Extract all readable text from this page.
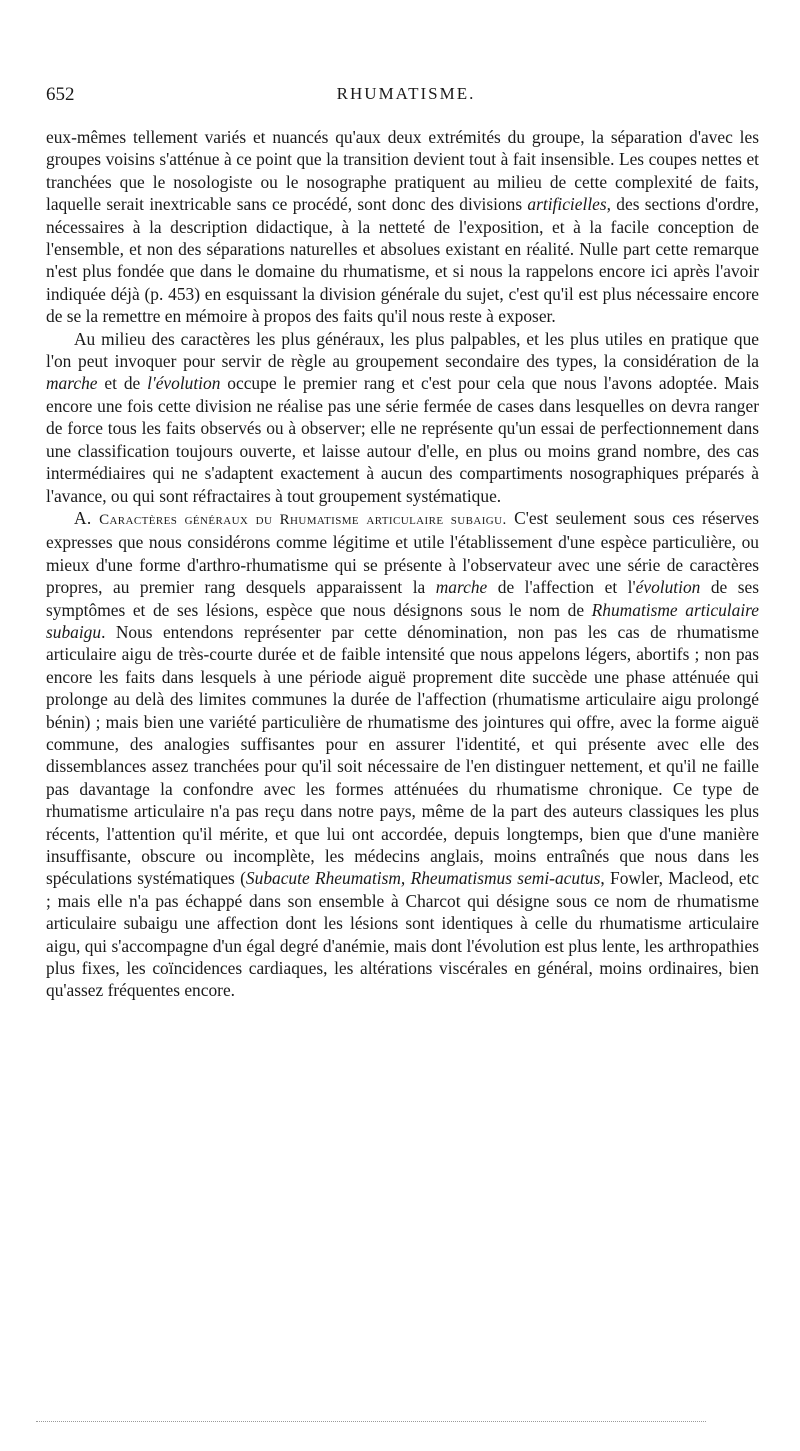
652	RHUMATISME.

eux-mêmes tellement variés et nuancés qu'aux deux extrémités du groupe, la séparation d'avec les groupes voisins s'atténue à ce point que la transition devient tout à fait insensible. Les coupes nettes et tranchées que le nosologiste ou le nosographe pratiquent au milieu de cette complexité de faits, laquelle serait inextricable sans ce procédé, sont donc des divisions artificielles, des sections d'ordre, nécessaires à la description didactique, à la netteté de l'exposition, et à la facile conception de l'ensemble, et non des séparations naturelles et absolues existant en réalité. Nulle part cette remarque n'est plus fondée que dans le domaine du rhumatisme, et si nous la rappelons encore ici après l'avoir indiquée déjà (p. 453) en esquissant la division générale du sujet, c'est qu'il est plus nécessaire encore de se la remettre en mémoire à propos des faits qu'il nous reste à exposer.

Au milieu des caractères les plus généraux, les plus palpables, et les plus utiles en pratique que l'on peut invoquer pour servir de règle au groupement secondaire des types, la considération de la marche et de l'évolution occupe le premier rang et c'est pour cela que nous l'avons adoptée. Mais encore une fois cette division ne réalise pas une série fermée de cases dans lesquelles on devra ranger de force tous les faits observés ou à observer; elle ne représente qu'un essai de perfectionnement dans une classification toujours ouverte, et laisse autour d'elle, en plus ou moins grand nombre, des cas intermédiaires qui ne s'adaptent exactement à aucun des compartiments nosographiques préparés à l'avance, ou qui sont réfractaires à tout groupement systématique.

A. Caractères généraux du Rhumatisme articulaire subaigu. C'est seulement sous ces réserves expresses que nous considérons comme légitime et utile l'établissement d'une espèce particulière, ou mieux d'une forme d'arthro-rhumatisme qui se présente à l'observateur avec une série de caractères propres, au premier rang desquels apparaissent la marche de l'affection et l'évolution de ses symptômes et de ses lésions, espèce que nous désignons sous le nom de Rhumatisme articulaire subaigu. Nous entendons représenter par cette dénomination, non pas les cas de rhumatisme articulaire aigu de très-courte durée et de faible intensité que nous appelons légers, abortifs ; non pas encore les faits dans lesquels à une période aiguë proprement dite succède une phase atténuée qui prolonge au delà des limites communes la durée de l'affection (rhumatisme articulaire aigu prolongé bénin) ; mais bien une variété particulière de rhumatisme des jointures qui offre, avec la forme aiguë commune, des analogies suffisantes pour en assurer l'identité, et qui présente avec elle des dissemblances assez tranchées pour qu'il soit nécessaire de l'en distinguer nettement, et qu'il ne faille pas davantage la confondre avec les formes atténuées du rhumatisme chronique. Ce type de rhumatisme articulaire n'a pas reçu dans notre pays, même de la part des auteurs classiques les plus récents, l'attention qu'il mérite, et que lui ont accordée, depuis longtemps, bien que d'une manière insuffisante, obscure ou incomplète, les médecins anglais, moins entraînés que nous dans les spéculations systématiques (Subacute Rheumatism, Rheumatismus semi-acutus, Fowler, Macleod, etc ; mais elle n'a pas échappé dans son ensemble à Charcot qui désigne sous ce nom de rhumatisme articulaire subaigu une affection dont les lésions sont identiques à celle du rhumatisme articulaire aigu, qui s'accompagne d'un égal degré d'anémie, mais dont l'évolution est plus lente, les arthropathies plus fixes, les coïncidences cardiaques, les altérations viscérales en général, moins ordinaires, bien qu'assez fréquentes encore.
